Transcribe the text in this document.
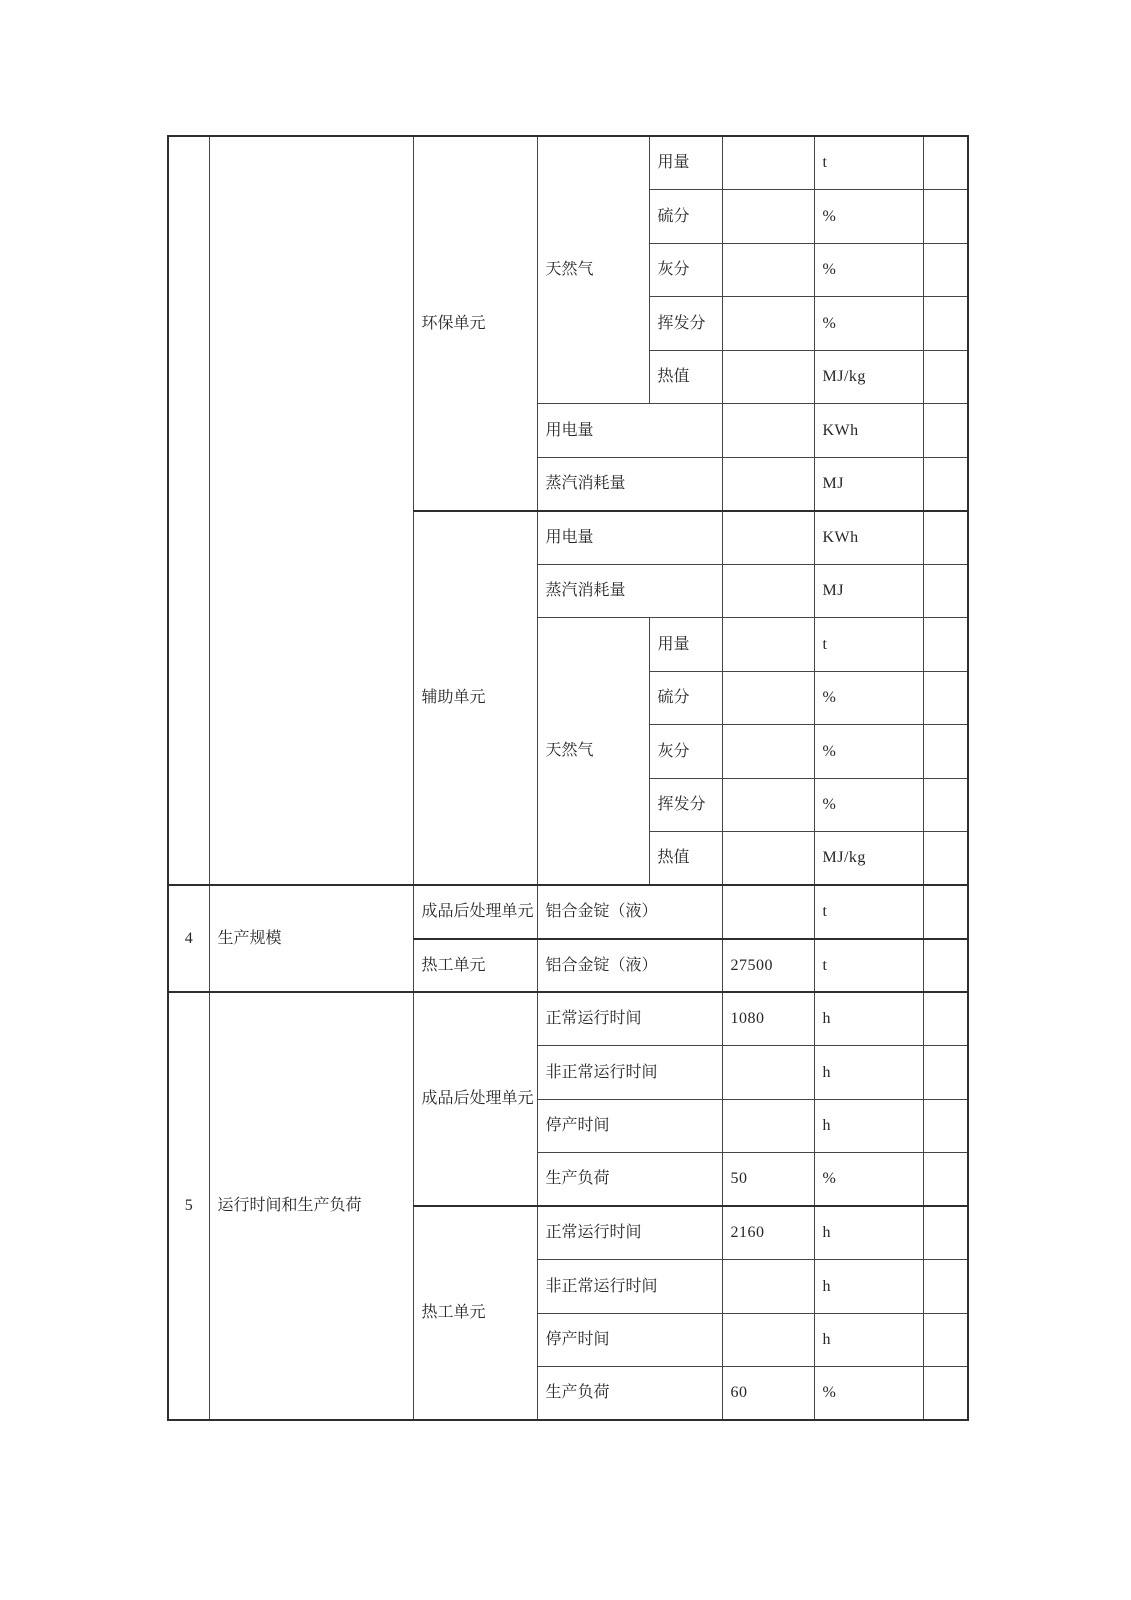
		环保单元	天然气	用量		t	
				硫分		%	
				灰分		%	
				挥发分		%	
				热值		MJ/kg	
			用电量			KWh	
			蒸汽消耗量			MJ	
		辅助单元	用电量			KWh	
			蒸汽消耗量			MJ	
			天然气	用量		t	
				硫分		%	
				灰分		%	
				挥发分		%	
				热值		MJ/kg	
4	生产规模	成品后处理单元	铝合金锭（液）			t	
		热工单元	铝合金锭（液）		27500	t	
5	运行时间和生产负荷	成品后处理单元	正常运行时间		1080	h	
			非正常运行时间			h	
			停产时间			h	
			生产负荷		50	%	
		热工单元	正常运行时间		2160	h	
			非正常运行时间			h	
			停产时间			h	
			生产负荷		60	%	
